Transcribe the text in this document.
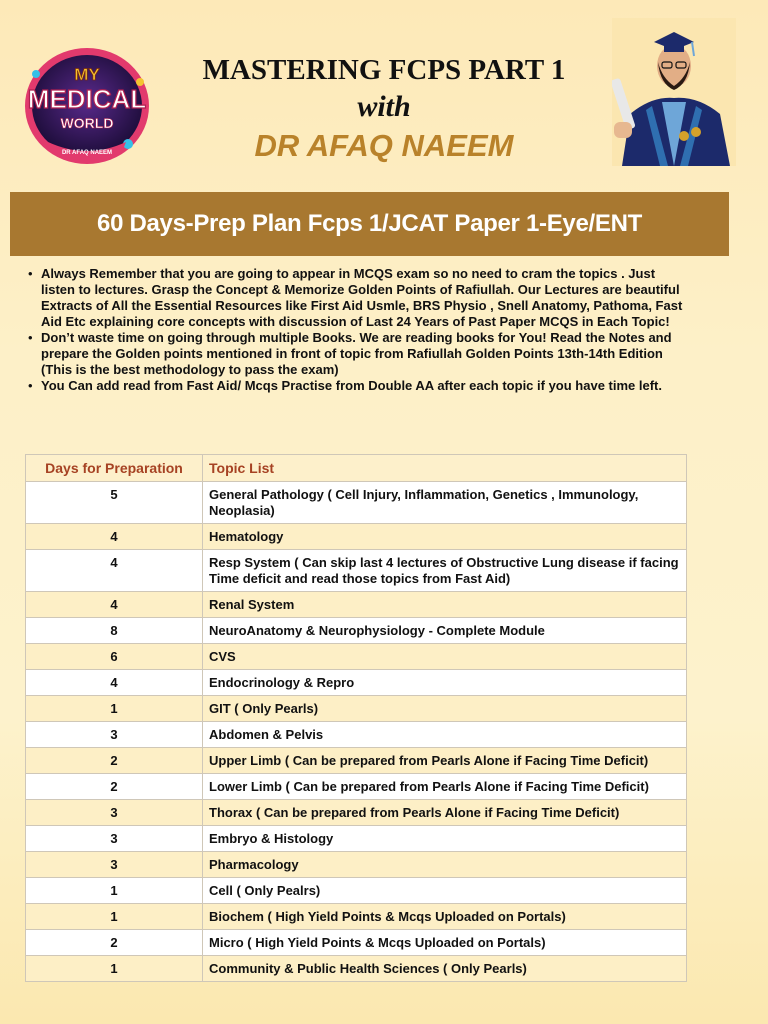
MY
MEDICAL
WORLD
DR AFAQ NAEEM
MASTERING FCPS PART 1
with
DR AFAQ NAEEM
60 Days-Prep Plan Fcps 1/JCAT Paper 1-Eye/ENT
• Always Remember that you are going to appear in MCQS exam so no need to cram the topics . Just listen to lectures. Grasp the Concept & Memorize Golden Points of Rafiullah. Our Lectures are beautiful Extracts of All the Essential Resources like First Aid Usmle, BRS Physio , Snell Anatomy, Pathoma, Fast Aid Etc explaining core concepts with discussion of Last 24 Years of Past Paper MCQS in Each Topic!
• Don’t waste time on going through multiple Books. We are reading books for You! Read the Notes and prepare the Golden points mentioned in front of topic from Rafiullah Golden Points 13th-14th Edition (This is the best methodology to pass the exam)
• You Can add read from Fast Aid/ Mcqs Practise from Double AA after each topic if you have time left.
Days for Preparation	Topic List
5	General Pathology ( Cell Injury, Inflammation, Genetics , Immunology, Neoplasia)
4	Hematology
4	Resp System ( Can skip last 4 lectures of Obstructive Lung disease if facing Time deficit and read those topics from Fast Aid)
4	Renal System
8	NeuroAnatomy & Neurophysiology - Complete Module
6	CVS
4	Endocrinology & Repro
1	GIT ( Only Pearls)
3	Abdomen & Pelvis
2	Upper Limb ( Can be prepared from Pearls Alone if Facing Time Deficit)
2	Lower Limb ( Can be prepared from Pearls Alone if Facing Time Deficit)
3	Thorax ( Can be prepared from Pearls Alone if Facing Time Deficit)
3	Embryo & Histology
3	Pharmacology
1	Cell ( Only Pealrs)
1	Biochem ( High Yield Points & Mcqs Uploaded on Portals)
2	Micro ( High Yield Points & Mcqs Uploaded on Portals)
1	Community & Public Health Sciences ( Only Pearls)
